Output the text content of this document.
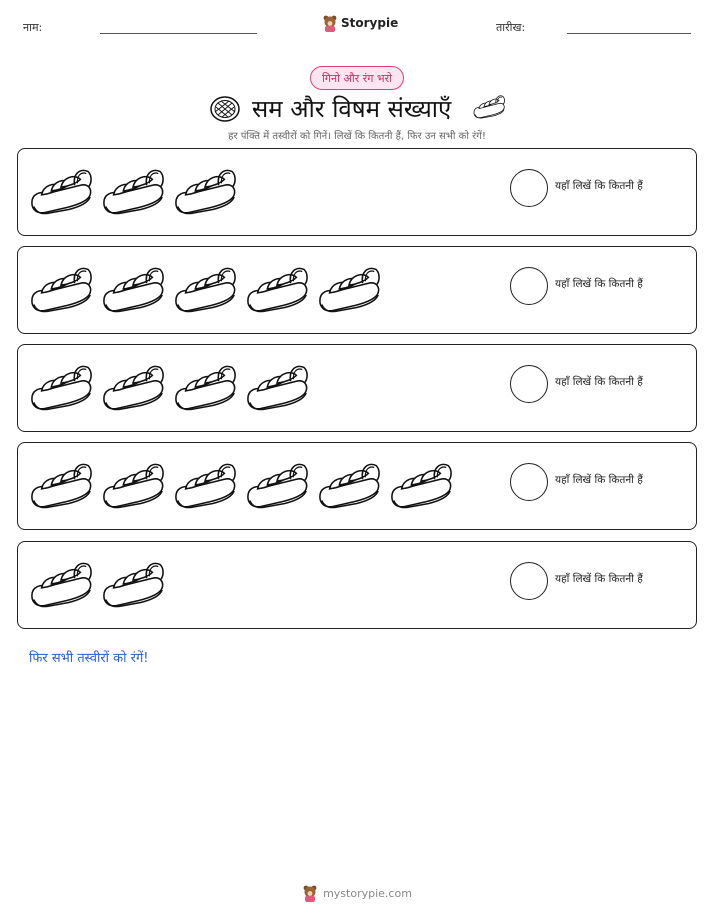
नाम:	Storypie	तारीख:
गिनो और रंग भरो
सम और विषम संख्याएँ
हर पंक्ति में तस्वीरों को गिनें। लिखें कि कितनी हैं, फिर उन सभी को रंगें!
यहाँ लिखें कि कितनी हैं
यहाँ लिखें कि कितनी हैं
यहाँ लिखें कि कितनी हैं
यहाँ लिखें कि कितनी हैं
यहाँ लिखें कि कितनी हैं
फिर सभी तस्वीरों को रंगें!
mystorypie.com
